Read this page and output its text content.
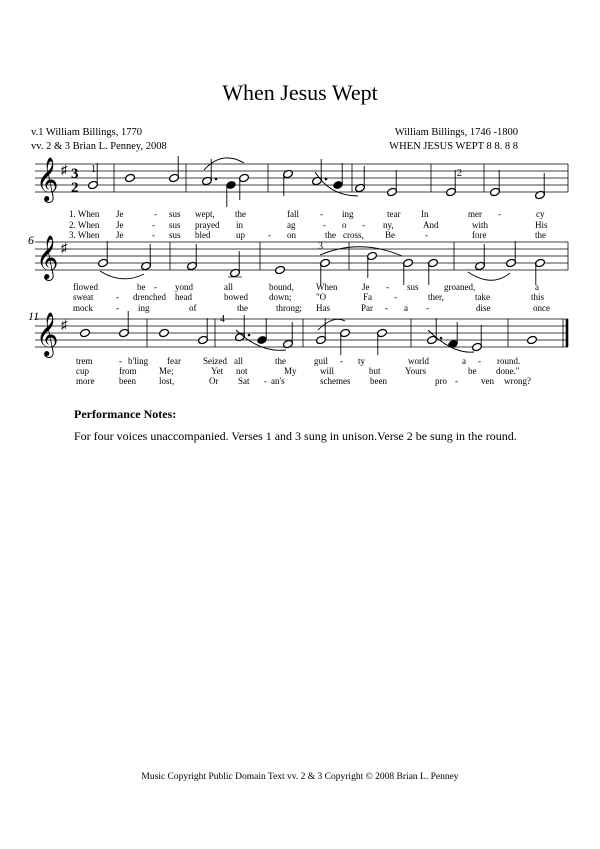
When Jesus Wept
v.1 William Billings, 1770
vv. 2 & 3 Brian L. Penney, 2008
William Billings, 1746 -1800
WHEN JESUS WEPT 8 8. 8 8
𝄞
𝄞
𝄞
♯
♯
♯
3
2
1
6
11
2
3
4
1. When Je	- sus wept, the	fall - ing	tear In	mer -	cy
2. When Je	- sus prayed in	ag	- o - ny,	And	with	His
3. When Je	- sus bled	up	- on	the cross, Be	-	fore	the
flowed	be - yond	all	bound, When	Je - sus	groaned,	a
sweat	- drenched head	bowed down;	"O	Fa -	ther,	take	this
mock	- ing	of	the	throng; Has	Par - a -	dise	once
trem	- b'ling fear Seized all	the	guil - ty	world	a - round.
cup	from	Me;	Yet not	My	will	but	Yours	be done."
more	been	lost,	Or Sat - an's	schemes been	pro -	ven wrong?
Performance Notes:
For four voices unaccompanied. Verses 1 and 3 sung in unison.Verse 2 be sung in the round.
Music Copyright Public Domain Text vv. 2 & 3 Copyright © 2008 Brian L. Penney
